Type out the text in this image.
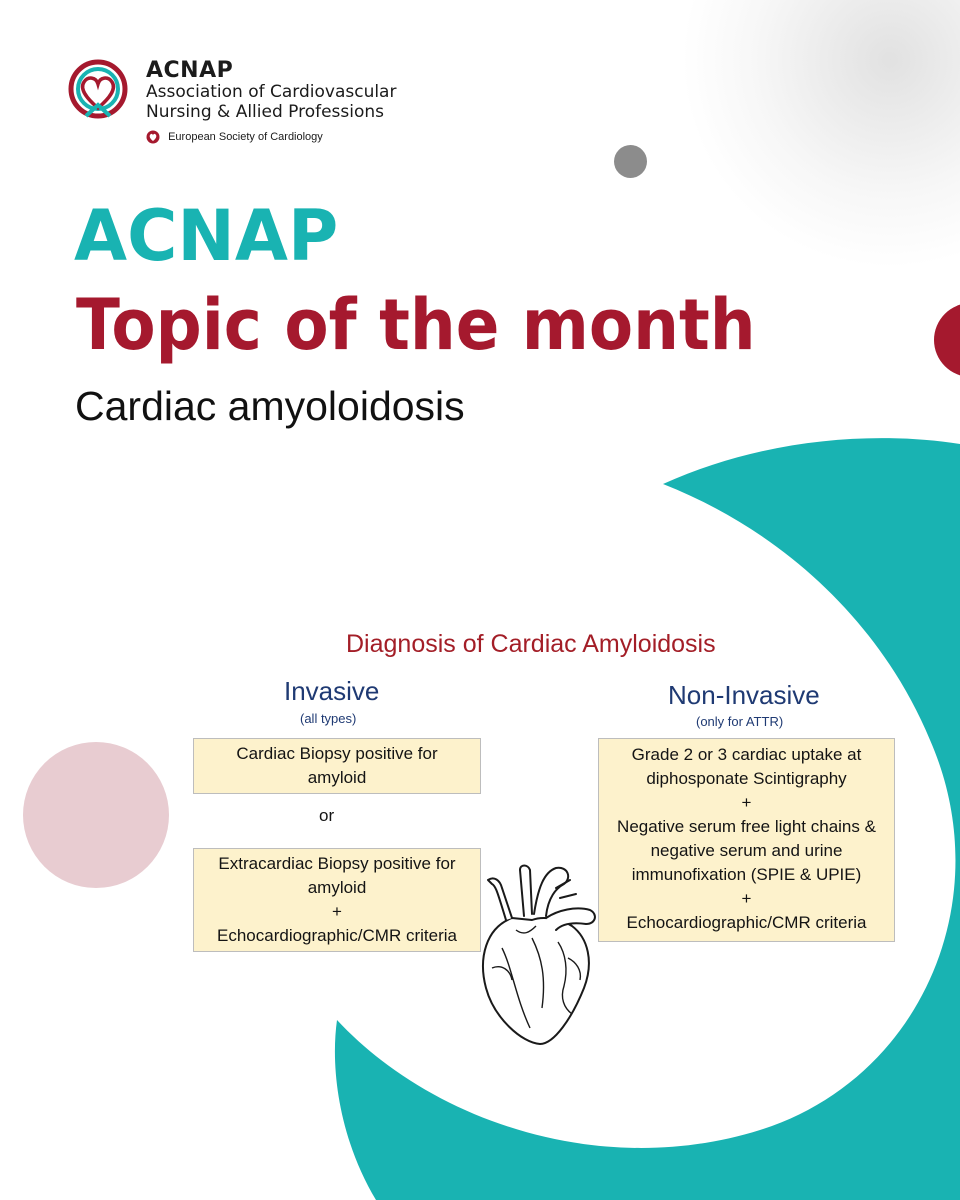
ACNAP
Association of Cardiovascular
Nursing & Allied Professions
European Society of Cardiology
ACNAP
Topic of the month
Cardiac amyoloidosis
Diagnosis of Cardiac Amyloidosis
Invasive
(all types)
Non-Invasive
(only for ATTR)
Cardiac Biopsy positive for
amyloid
or
Extracardiac Biopsy positive for
amyloid
+
Echocardiographic/CMR criteria
Grade 2 or 3 cardiac uptake at
diphosponate Scintigraphy
+
Negative serum free light chains &
negative serum and urine
immunofixation (SPIE & UPIE)
+
Echocardiographic/CMR criteria
